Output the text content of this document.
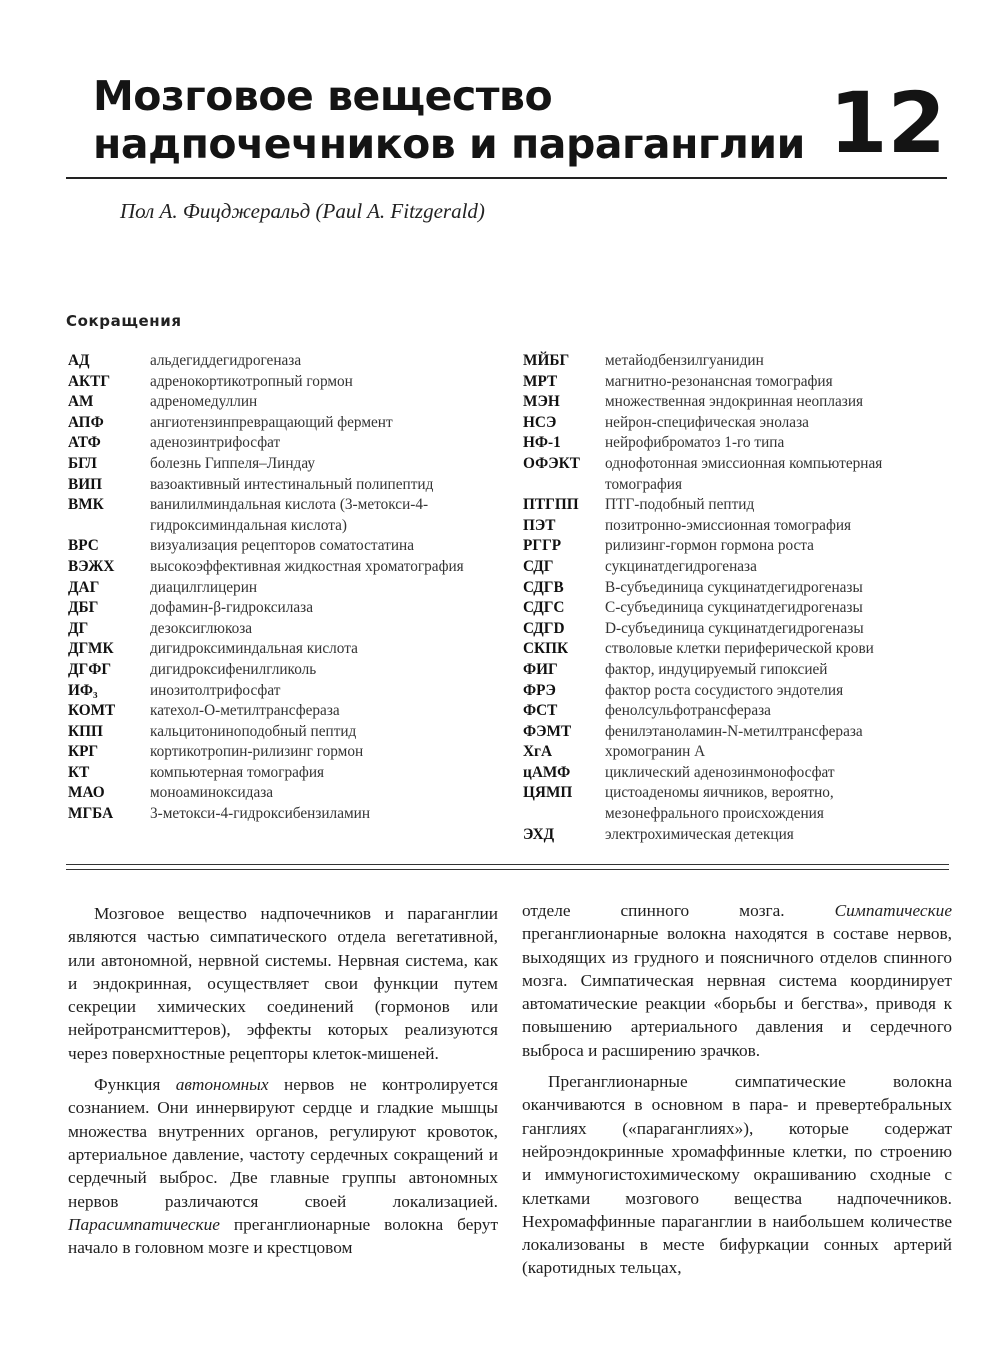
Мозговое вещество
надпочечников и параганглии 12
Пол А. Фицджеральд (Paul A. Fitzgerald)
Сокращения
АД	альдегиддегидрогеназа
АКТГ	адренокортикотропный гормон
АМ	адреномедуллин
АПФ	ангиотензинпревращающий фермент
АТФ	аденозинтрифосфат
БГЛ	болезнь Гиппеля–Линдау
ВИП	вазоактивный интестинальный полипептид
ВМК	ванилилминдальная кислота (3-метокси-4-гидроксиминдальная кислота)
ВРС	визуализация рецепторов соматостатина
ВЭЖХ	высокоэффективная жидкостная хроматография
ДАГ	диацилглицерин
ДБГ	дофамин-β-гидроксилаза
ДГ	дезоксиглюкоза
ДГМК	дигидроксиминдальная кислота
ДГФГ	дигидроксифенилгликоль
ИФ₃	инозитолтрифосфат
КОМТ	катехол-О-метилтрансфераза
КПП	кальцитониноподобный пептид
КРГ	кортикотропин-рилизинг гормон
КТ	компьютерная томография
МАО	моноаминоксидаза
МГБА	3-метокси-4-гидроксибензиламин
МЙБГ	метайодбензилгуанидин
МРТ	магнитно-резонансная томография
МЭН	множественная эндокринная неоплазия
НСЭ	нейрон-специфическая энолаза
НФ-1	нейрофиброматоз 1-го типа
ОФЭКТ	однофотонная эмиссионная компьютерная томография
ПТГПП	ПТГ-подобный пептид
ПЭТ	позитронно-эмиссионная томография
РГГР	рилизинг-гормон гормона роста
СДГ	сукцинатдегидрогеназа
СДГВ	В-субъединица сукцинатдегидрогеназы
СДГС	С-субъединица сукцинатдегидрогеназы
СДГD	D-субъединица сукцинатдегидрогеназы
СКПК	стволовые клетки периферической крови
ФИГ	фактор, индуцируемый гипоксией
ФРЭ	фактор роста сосудистого эндотелия
ФСТ	фенолсульфотрансфераза
ФЭМТ	фенилэтаноламин-N-метилтрансфераза
ХгА	хромогранин А
цАМФ	циклический аденозинмонофосфат
ЦЯМП	цистоаденомы яичников, вероятно, мезонефрального происхождения
ЭХД	электрохимическая детекция

Мозговое вещество надпочечников и параганглии являются частью симпатического отдела вегетативной, или автономной, нервной системы. Нервная система, как и эндокринная, осуществляет свои функции путем секреции химических соединений (гормонов или нейротрансмиттеров), эффекты которых реализуются через поверхностные рецепторы клеток-мишеней.

Функция автономных нервов не контролируется сознанием. Они иннервируют сердце и гладкие мышцы множества внутренних органов, регулируют кровоток, артериальное давление, частоту сердечных сокращений и сердечный выброс. Две главные группы автономных нервов различаются своей локализацией. Парасимпатические преганглионарные волокна берут начало в головном мозге и крестцовом

отделе спинного мозга. Симпатические преганглионарные волокна находятся в составе нервов, выходящих из грудного и поясничного отделов спинного мозга. Симпатическая нервная система координирует автоматические реакции «борьбы и бегства», приводя к повышению артериального давления и сердечного выброса и расширению зрачков.

Преганглионарные симпатические волокна оканчиваются в основном в пара- и превертебральных ганглиях («параганглиях»), которые содержат нейроэндокринные хромаффинные клетки, по строению и иммуногистохимическому окрашиванию сходные с клетками мозгового вещества надпочечников. Нехромаффинные параганглии в наибольшем количестве локализованы в месте бифуркации сонных артерий (каротидных тельцах,
